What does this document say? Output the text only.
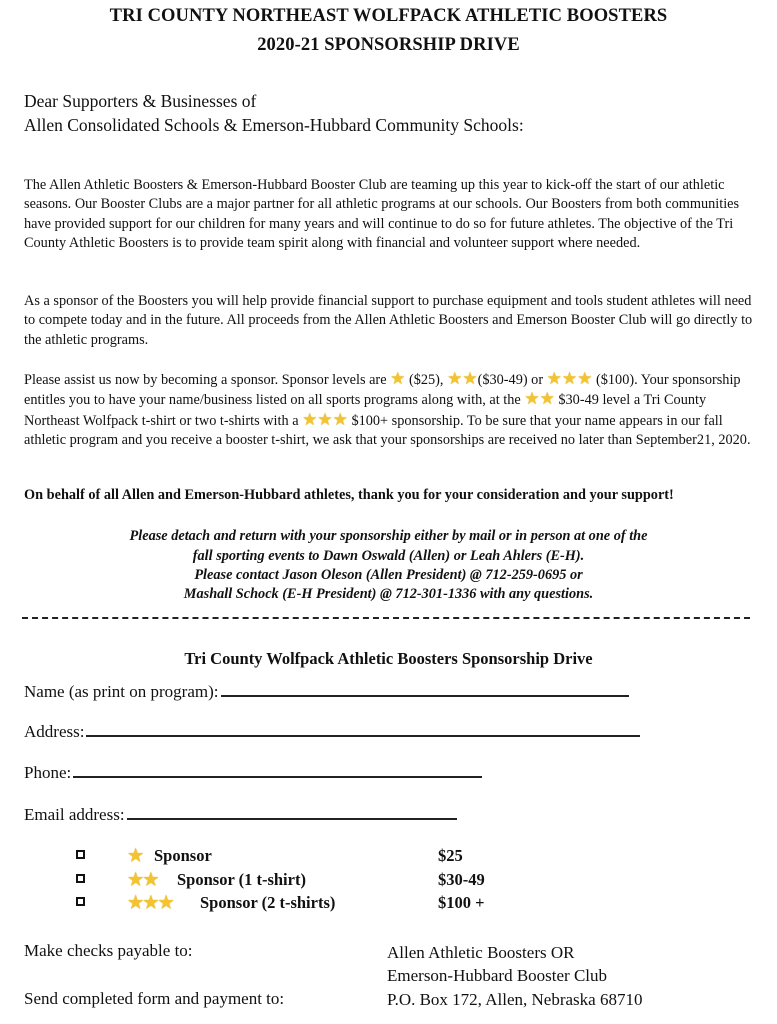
TRI COUNTY NORTHEAST WOLFPACK ATHLETIC BOOSTERS
2020-21 SPONSORSHIP DRIVE
Dear Supporters & Businesses of
Allen Consolidated Schools & Emerson-Hubbard Community Schools:
The Allen Athletic Boosters & Emerson-Hubbard Booster Club are teaming up this year to kick-off the start of our athletic seasons. Our Booster Clubs are a major partner for all athletic programs at our schools. Our Boosters from both communities have provided support for our children for many years and will continue to do so for future athletes. The objective of the Tri County Athletic Boosters is to provide team spirit along with financial and volunteer support where needed.
As a sponsor of the Boosters you will help provide financial support to purchase equipment and tools student athletes will need to compete today and in the future. All proceeds from the Allen Athletic Boosters and Emerson Booster Club will go directly to the athletic programs.
Please assist us now by becoming a sponsor. Sponsor levels are ★ ($25), ★★($30-49) or ★★★ ($100). Your sponsorship entitles you to have your name/business listed on all sports programs along with, at the ★★ $30-49 level a Tri County Northeast Wolfpack t-shirt or two t-shirts with a ★★★ $100+ sponsorship. To be sure that your name appears in our fall athletic program and you receive a booster t-shirt, we ask that your sponsorships are received no later than September21, 2020.
On behalf of all Allen and Emerson-Hubbard athletes, thank you for your consideration and your support!
Please detach and return with your sponsorship either by mail or in person at one of the
fall sporting events to Dawn Oswald (Allen) or Leah Ahlers (E-H).
Please contact Jason Oleson (Allen President) @ 712-259-0695 or
Mashall Schock (E-H President) @ 712-301-1336 with any questions.
Tri County Wolfpack Athletic Boosters Sponsorship Drive
Name (as print on program):
Address:
Phone:
Email address:
★ Sponsor	$25
★★ Sponsor (1 t-shirt)	$30-49
★★★ Sponsor (2 t-shirts)	$100 +
Make checks payable to:	Allen Athletic Boosters OR
Emerson-Hubbard Booster Club
Send completed form and payment to:	P.O. Box 172, Allen, Nebraska 68710
